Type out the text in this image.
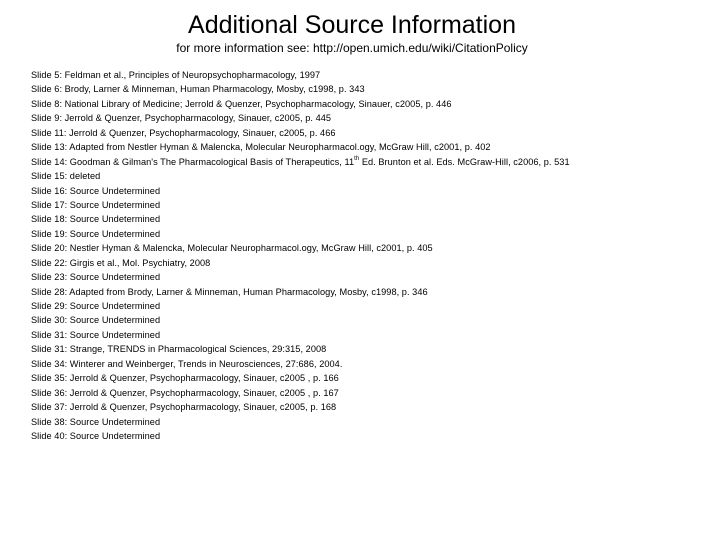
Additional Source Information

for more information see: http://open.umich.edu/wiki/CitationPolicy

Slide 5: Feldman et al., Principles of Neuropsychopharmacology, 1997
Slide 6: Brody, Larner & Minneman, Human Pharmacology, Mosby, c1998, p. 343
Slide 8: National Library of Medicine; Jerrold & Quenzer, Psychopharmacology, Sinauer, c2005, p. 446
Slide 9: Jerrold & Quenzer, Psychopharmacology, Sinauer, c2005, p. 445
Slide 11: Jerrold & Quenzer, Psychopharmacology, Sinauer, c2005, p. 466
Slide 13: Adapted from Nestler Hyman & Malencka, Molecular Neuropharmacol.ogy, McGraw Hill, c2001, p. 402
Slide 14: Goodman & Gilman's The Pharmacological Basis of Therapeutics, 11th Ed. Brunton et al. Eds. McGraw-Hill, c2006, p. 531
Slide 15: deleted
Slide 16: Source Undetermined
Slide 17: Source Undetermined
Slide 18: Source Undetermined
Slide 19: Source Undetermined
Slide 20: Nestler Hyman & Malencka, Molecular Neuropharmacol.ogy, McGraw Hill, c2001, p. 405
Slide 22: Girgis et al., Mol. Psychiatry, 2008
Slide 23: Source Undetermined
Slide 28: Adapted from Brody, Larner & Minneman, Human Pharmacology, Mosby, c1998, p. 346
Slide 29: Source Undetermined
Slide 30: Source Undetermined
Slide 31: Source Undetermined
Slide 31: Strange, TRENDS in Pharmacological Sciences, 29:315, 2008
Slide 34: Winterer and Weinberger, Trends in Neurosciences, 27:686, 2004.
Slide 35: Jerrold & Quenzer, Psychopharmacology, Sinauer, c2005 , p. 166
Slide 36: Jerrold & Quenzer, Psychopharmacology, Sinauer, c2005 , p. 167
Slide 37: Jerrold & Quenzer, Psychopharmacology, Sinauer, c2005, p. 168
Slide 38: Source Undetermined
Slide 40: Source Undetermined
